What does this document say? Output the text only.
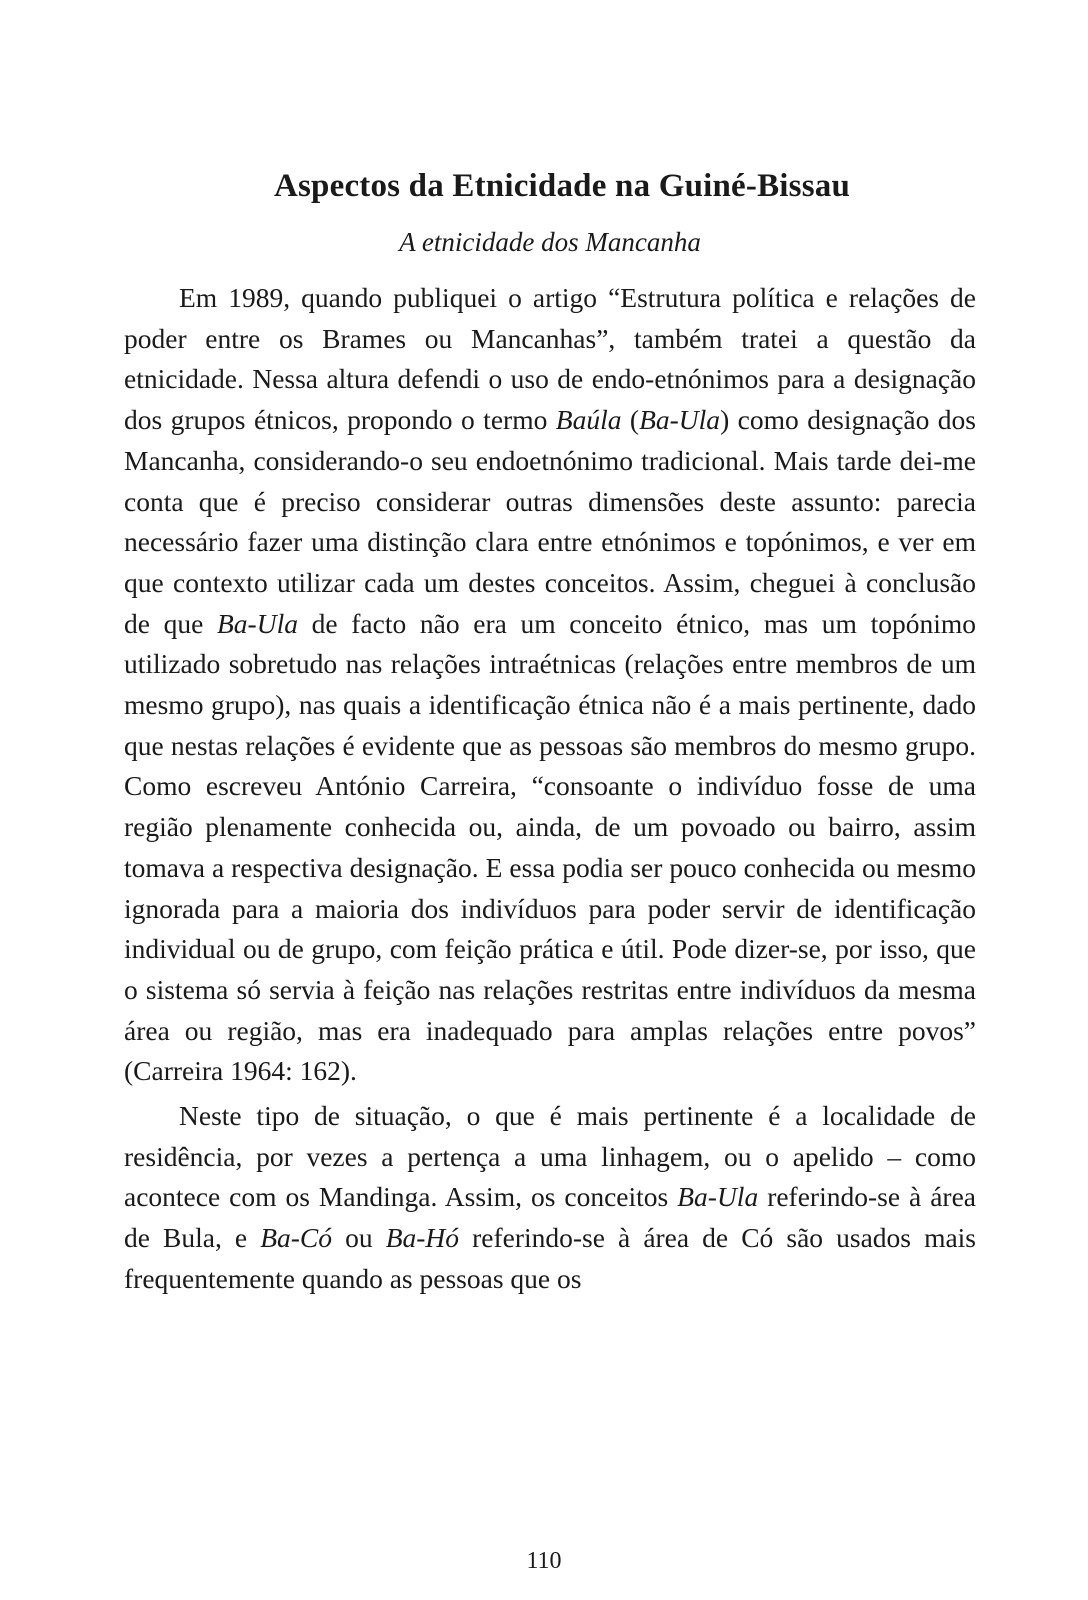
Aspectos da Etnicidade na Guiné-Bissau
A etnicidade dos Mancanha

Em 1989, quando publiquei o artigo “Estrutura política e relações de poder entre os Brames ou Mancanhas”, também tratei a questão da etnicidade. Nessa altura defendi o uso de endo-etnónimos para a designação dos grupos étnicos, propondo o termo Baúla (Ba-Ula) como designação dos Mancanha, considerando-o seu endoetnónimo tradicional. Mais tarde dei-me conta que é preciso considerar outras dimensões deste assunto: parecia necessário fazer uma distinção clara entre etnónimos e topónimos, e ver em que contexto utilizar cada um destes conceitos. Assim, cheguei à conclusão de que Ba-Ula de facto não era um conceito étnico, mas um topónimo utilizado sobretudo nas relações intraétnicas (relações entre membros de um mesmo grupo), nas quais a identificação étnica não é a mais pertinente, dado que nestas relações é evidente que as pessoas são membros do mesmo grupo. Como escreveu António Carreira, “consoante o indivíduo fosse de uma região plenamente conhecida ou, ainda, de um povoado ou bairro, assim tomava a respectiva designação. E essa podia ser pouco conhecida ou mesmo ignorada para a maioria dos indivíduos para poder servir de identificação individual ou de grupo, com feição prática e útil. Pode dizer-se, por isso, que o sistema só servia à feição nas relações restritas entre indivíduos da mesma área ou região, mas era inadequado para amplas relações entre povos” (Carreira 1964: 162).

Neste tipo de situação, o que é mais pertinente é a localidade de residência, por vezes a pertença a uma linhagem, ou o apelido – como acontece com os Mandinga. Assim, os conceitos Ba-Ula referindo-se à área de Bula, e Ba-Có ou Ba-Hó referindo-se à área de Có são usados mais frequentemente quando as pessoas que os

110
